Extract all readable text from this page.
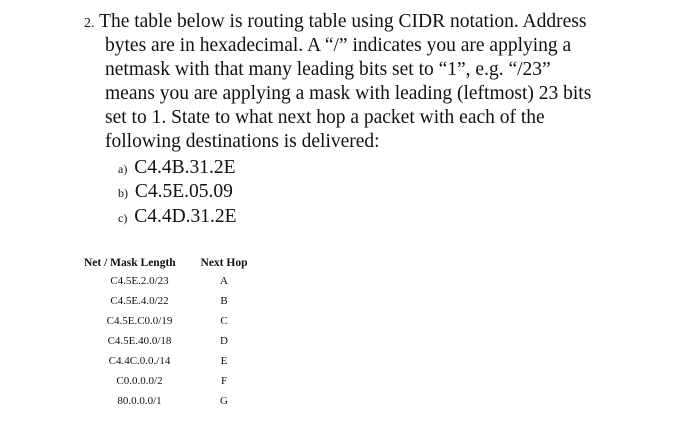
2. The table below is routing table using CIDR notation. Address
bytes are in hexadecimal. A “/” indicates you are applying a
netmask with that many leading bits set to “1”, e.g. “/23”
means you are applying a mask with leading (leftmost) 23 bits
set to 1. State to what next hop a packet with each of the
following destinations is delivered:
a) C4.4B.31.2E
b) C4.5E.05.09
c) C4.4D.31.2E
Net / Mask Length	Next Hop
C4.5E.2.0/23	A
C4.5E.4.0/22	B
C4.5E.C0.0/19	C
C4.5E.40.0/18	D
C4.4C.0.0./14	E
C0.0.0.0/2	F
80.0.0.0/1	G
